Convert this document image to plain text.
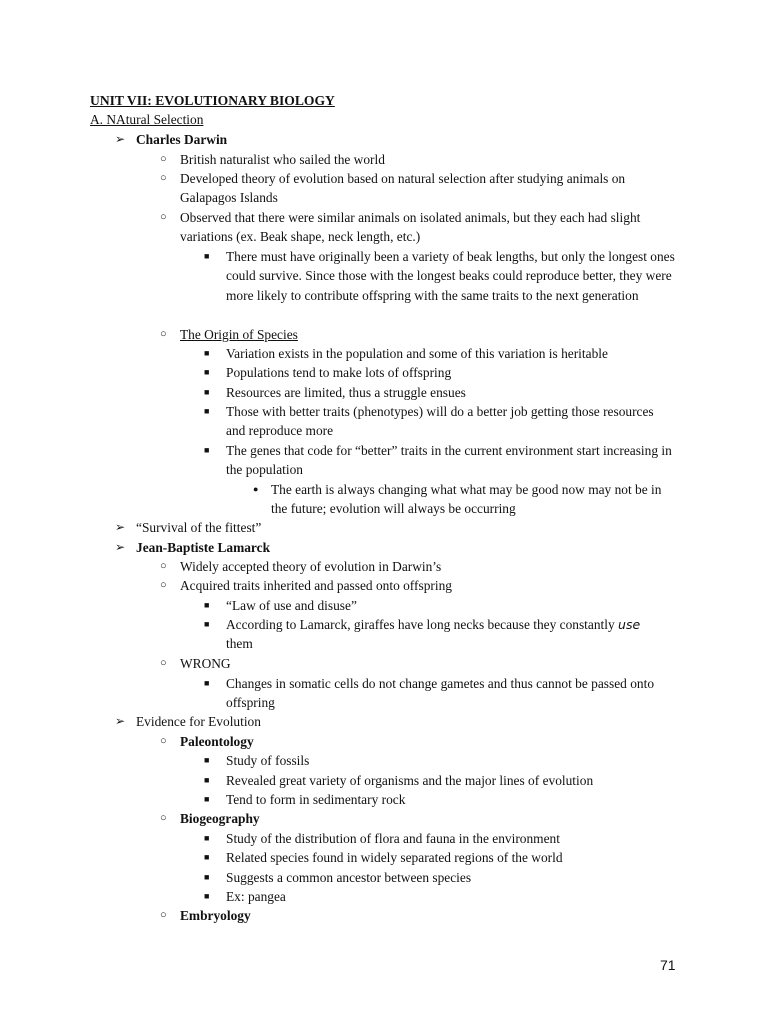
UNIT VII: EVOLUTIONARY BIOLOGY
A. NAtural Selection
➢ Charles Darwin
○ British naturalist who sailed the world
○ Developed theory of evolution based on natural selection after studying animals on Galapagos Islands
○ Observed that there were similar animals on isolated animals, but they each had slight variations (ex. Beak shape, neck length, etc.)
■ There must have originally been a variety of beak lengths, but only the longest ones could survive. Since those with the longest beaks could reproduce better, they were more likely to contribute offspring with the same traits to the next generation
○ The Origin of Species
■ Variation exists in the population and some of this variation is heritable
■ Populations tend to make lots of offspring
■ Resources are limited, thus a struggle ensues
■ Those with better traits (phenotypes) will do a better job getting those resources and reproduce more
■ The genes that code for “better” traits in the current environment start increasing in the population
● The earth is always changing what what may be good now may not be in the future; evolution will always be occurring
➢ “Survival of the fittest”
➢ Jean-Baptiste Lamarck
○ Widely accepted theory of evolution in Darwin’s
○ Acquired traits inherited and passed onto offspring
■ “Law of use and disuse”
■ According to Lamarck, giraffes have long necks because they constantly use them
○ WRONG
■ Changes in somatic cells do not change gametes and thus cannot be passed onto offspring
➢ Evidence for Evolution
○ Paleontology
■ Study of fossils
■ Revealed great variety of organisms and the major lines of evolution
■ Tend to form in sedimentary rock
○ Biogeography
■ Study of the distribution of flora and fauna in the environment
■ Related species found in widely separated regions of the world
■ Suggests a common ancestor between species
■ Ex: pangea
○ Embryology
71
